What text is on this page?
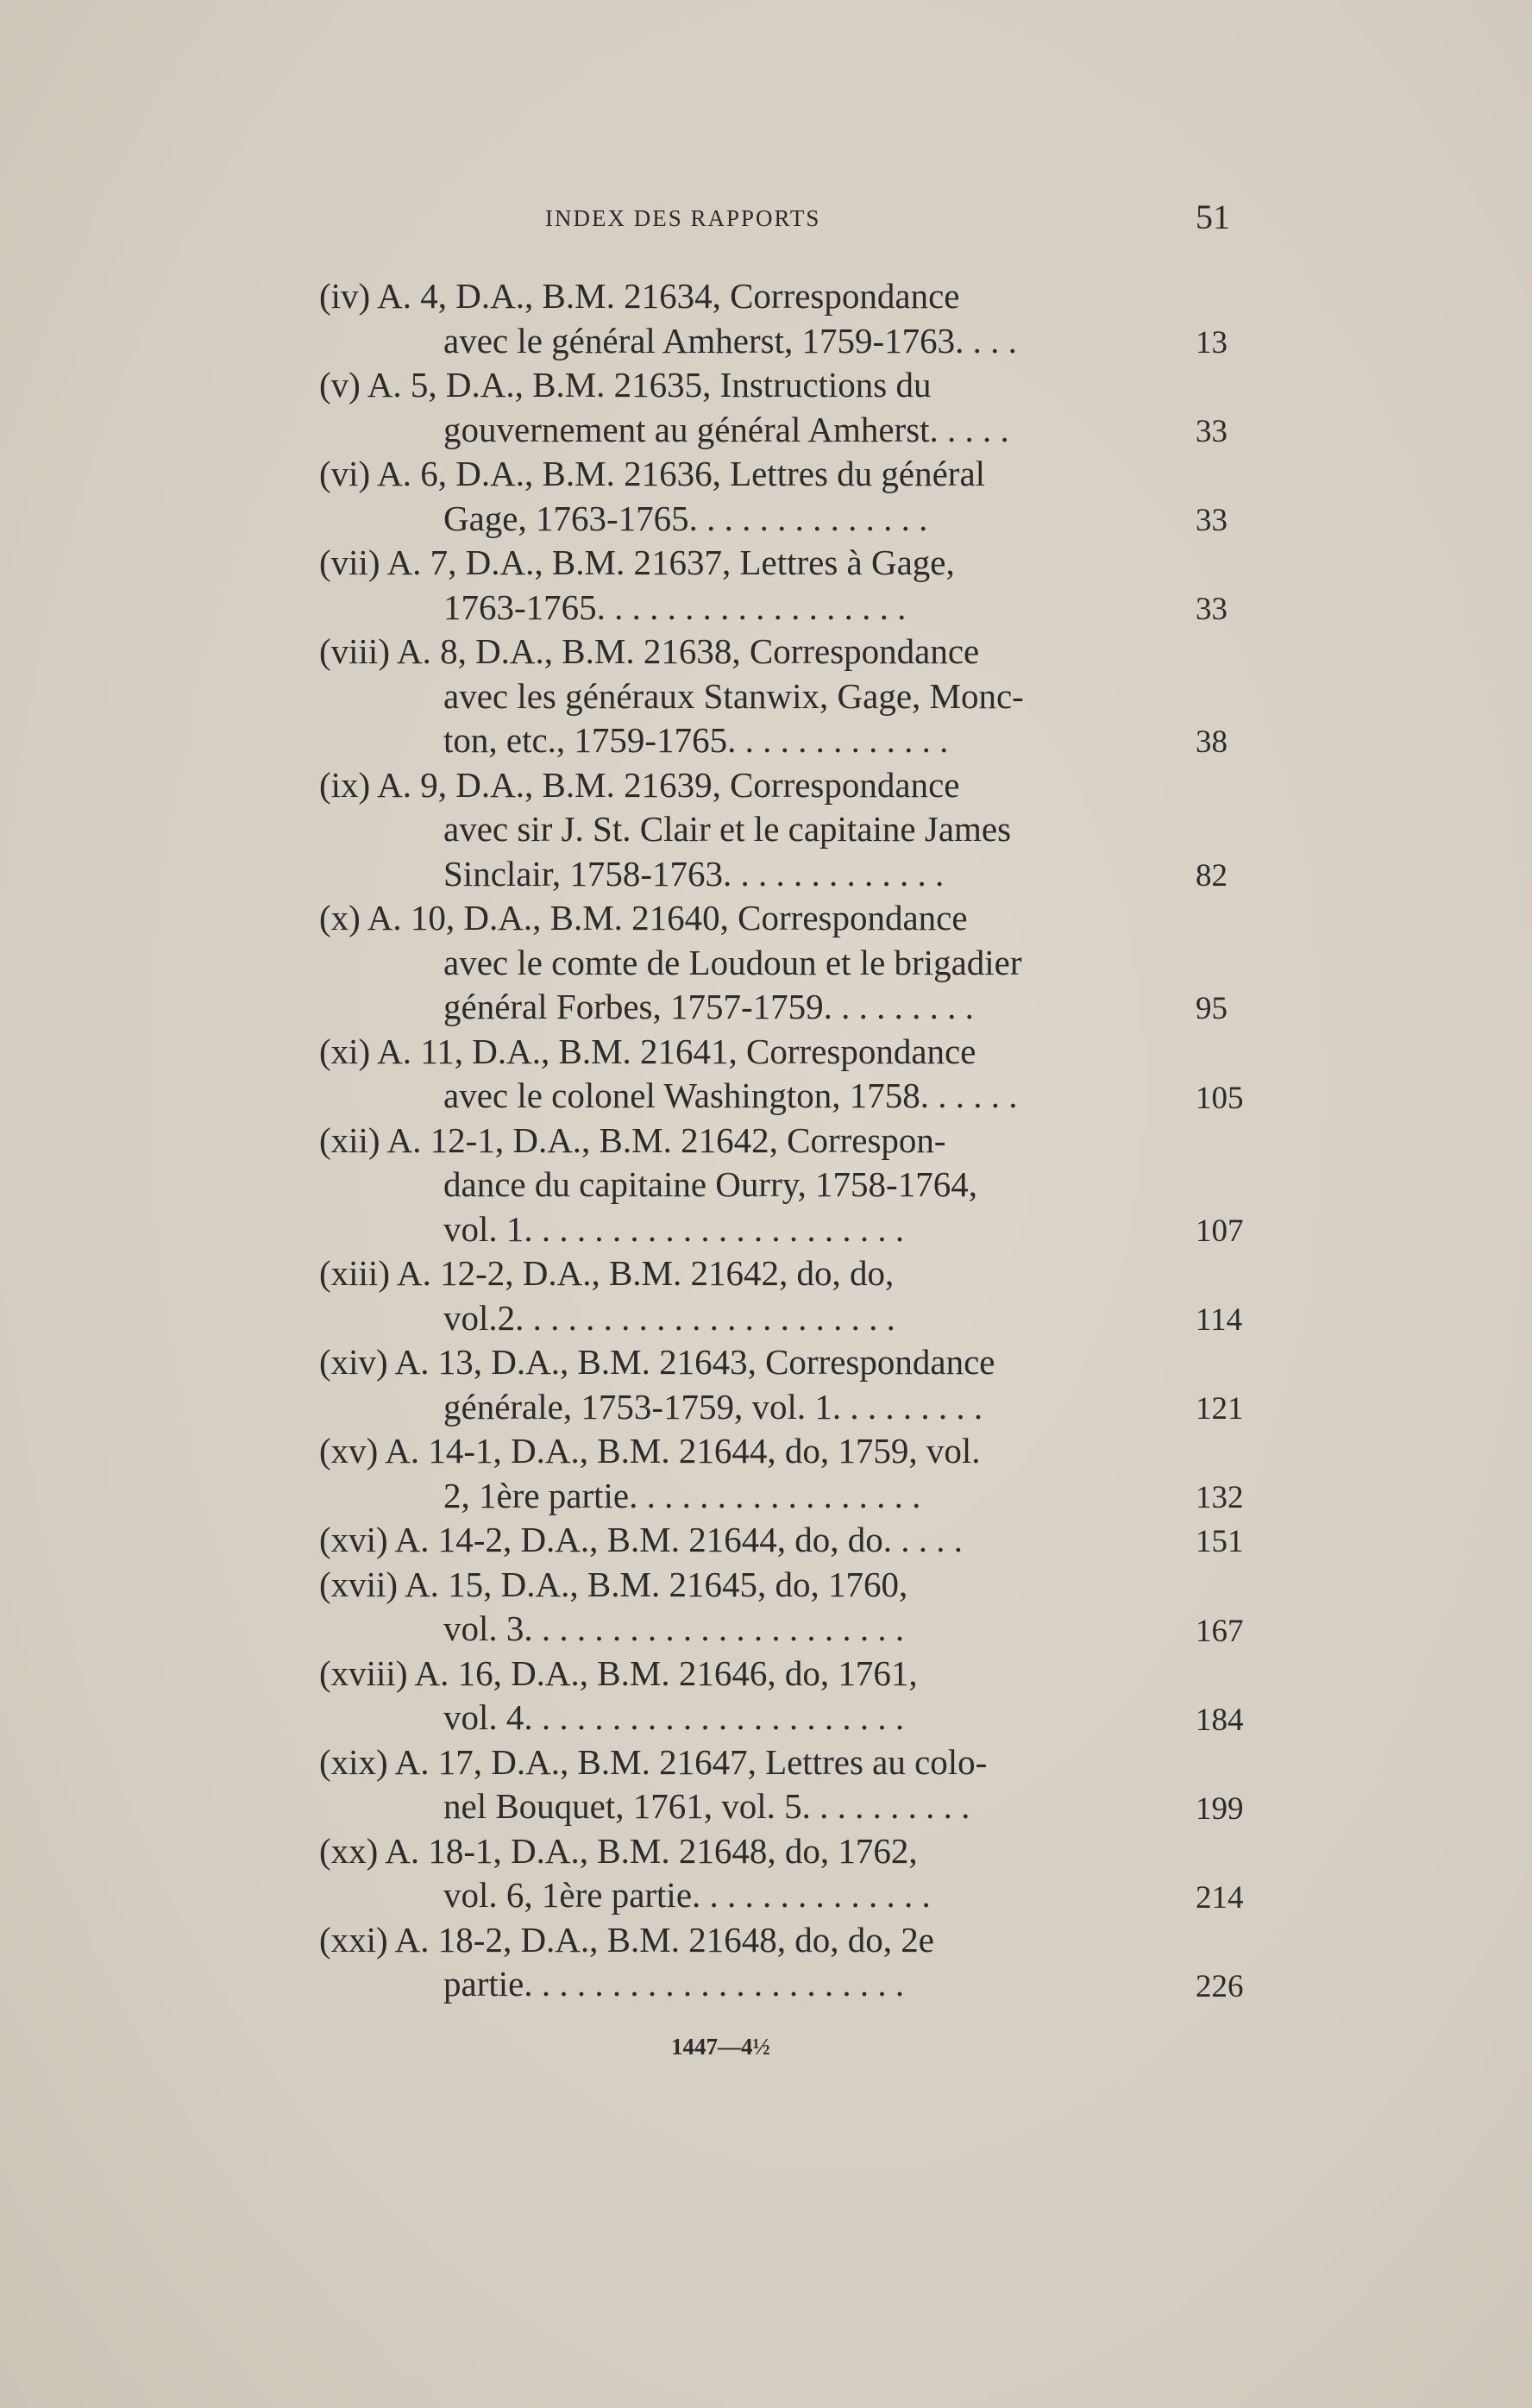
INDEX DES RAPPORTS	51
(iv) A. 4, D.A., B.M. 21634, Correspondance
avec le général Amherst, 1759-1763. . . .	13
(v) A. 5, D.A., B.M. 21635, Instructions du
gouvernement au général Amherst. . . . .	33
(vi) A. 6, D.A., B.M. 21636, Lettres du général
Gage, 1763-1765. . . . . . . . . . . . . .	33
(vii) A. 7, D.A., B.M. 21637, Lettres à Gage,
1763-1765. . . . . . . . . . . . . . . . . .	33
(viii) A. 8, D.A., B.M. 21638, Correspondance
avec les généraux Stanwix, Gage, Monc-
ton, etc., 1759-1765. . . . . . . . . . . . .	38
(ix) A. 9, D.A., B.M. 21639, Correspondance
avec sir J. St. Clair et le capitaine James
Sinclair, 1758-1763. . . . . . . . . . . . .	82
(x) A. 10, D.A., B.M. 21640, Correspondance
avec le comte de Loudoun et le brigadier
général Forbes, 1757-1759. . . . . . . . .	95
(xi) A. 11, D.A., B.M. 21641, Correspondance
avec le colonel Washington, 1758. . . . . .	105
(xii) A. 12-1, D.A., B.M. 21642, Correspon-
dance du capitaine Ourry, 1758-1764,
vol. 1. . . . . . . . . . . . . . . . . . . . . .	107
(xiii) A. 12-2, D.A., B.M. 21642, do, do,
vol.2. . . . . . . . . . . . . . . . . . . . . .	114
(xiv) A. 13, D.A., B.M. 21643, Correspondance
générale, 1753-1759, vol. 1. . . . . . . . .	121
(xv) A. 14-1, D.A., B.M. 21644, do, 1759, vol.
2, 1ère partie. . . . . . . . . . . . . . . . .	132
(xvi) A. 14-2, D.A., B.M. 21644, do, do. . . . .	151
(xvii) A. 15, D.A., B.M. 21645, do, 1760,
vol. 3. . . . . . . . . . . . . . . . . . . . . .	167
(xviii) A. 16, D.A., B.M. 21646, do, 1761,
vol. 4. . . . . . . . . . . . . . . . . . . . . .	184
(xix) A. 17, D.A., B.M. 21647, Lettres au colo-
nel Bouquet, 1761, vol. 5. . . . . . . . . .	199
(xx) A. 18-1, D.A., B.M. 21648, do, 1762,
vol. 6, 1ère partie. . . . . . . . . . . . . .	214
(xxi) A. 18-2, D.A., B.M. 21648, do, do, 2e
partie. . . . . . . . . . . . . . . . . . . . . .	226
1447—4½
